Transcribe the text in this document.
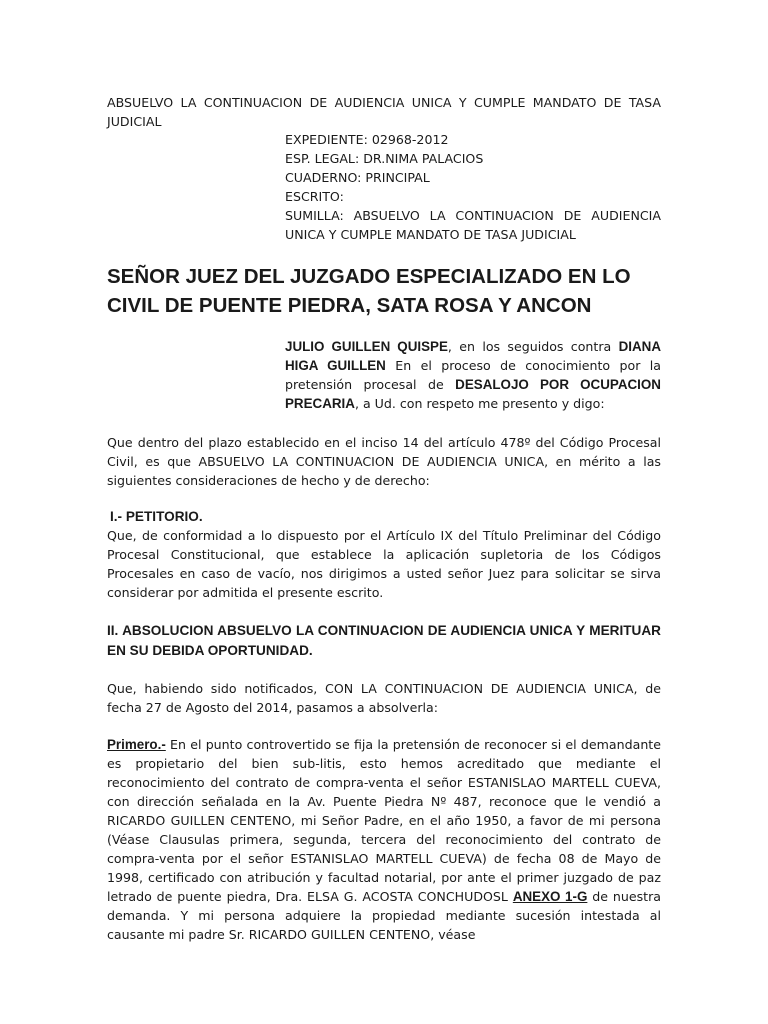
ABSUELVO LA CONTINUACION DE AUDIENCIA UNICA Y CUMPLE MANDATO DE TASA JUDICIAL

EXPEDIENTE: 02968-2012

ESP. LEGAL: DR.NIMA PALACIOS

CUADERNO: PRINCIPAL

ESCRITO:

SUMILLA: ABSUELVO LA CONTINUACION DE AUDIENCIA UNICA Y CUMPLE MANDATO DE TASA JUDICIAL

SEÑOR JUEZ DEL JUZGADO ESPECIALIZADO EN LO CIVIL DE PUENTE PIEDRA, SATA ROSA Y ANCON

JULIO GUILLEN QUISPE, en los seguidos contra DIANA HIGA GUILLEN En el proceso de conocimiento por la pretensión procesal de DESALOJO POR OCUPACION PRECARIA, a Ud. con respeto me presento y digo:

Que dentro del plazo establecido en el inciso 14 del artículo 478º del Código Procesal Civil, es que ABSUELVO LA CONTINUACION DE AUDIENCIA UNICA, en mérito a las siguientes consideraciones de hecho y de derecho:

I.- PETITORIO.

Que, de conformidad a lo dispuesto por el Artículo IX del Título Preliminar del Código Procesal Constitucional, que establece la aplicación supletoria de los Códigos Procesales en caso de vacío, nos dirigimos a usted señor Juez para solicitar se sirva considerar por admitida el presente escrito.

II. ABSOLUCION ABSUELVO LA CONTINUACION DE AUDIENCIA UNICA Y MERITUAR EN SU DEBIDA OPORTUNIDAD.

Que, habiendo sido notificados, CON LA CONTINUACION DE AUDIENCIA UNICA, de fecha 27 de Agosto del 2014, pasamos a absolverla:

Primero.- En el punto controvertido se fija la pretensión de reconocer si el demandante es propietario del bien sub-litis, esto hemos acreditado que mediante el reconocimiento del contrato de compra-venta el señor ESTANISLAO MARTELL CUEVA, con dirección señalada en la Av. Puente Piedra Nº 487, reconoce que le vendió a RICARDO GUILLEN CENTENO, mi Señor Padre, en el año 1950, a favor de mi persona (Véase Clausulas primera, segunda, tercera del reconocimiento del contrato de compra-venta por el señor ESTANISLAO MARTELL CUEVA) de fecha 08 de Mayo de 1998, certificado con atribución y facultad notarial, por ante el primer juzgado de paz letrado de puente piedra, Dra. ELSA G. ACOSTA CONCHUDOSL ANEXO 1-G de nuestra demanda. Y mi persona adquiere la propiedad mediante sucesión intestada al causante mi padre Sr. RICARDO GUILLEN CENTENO, véase
